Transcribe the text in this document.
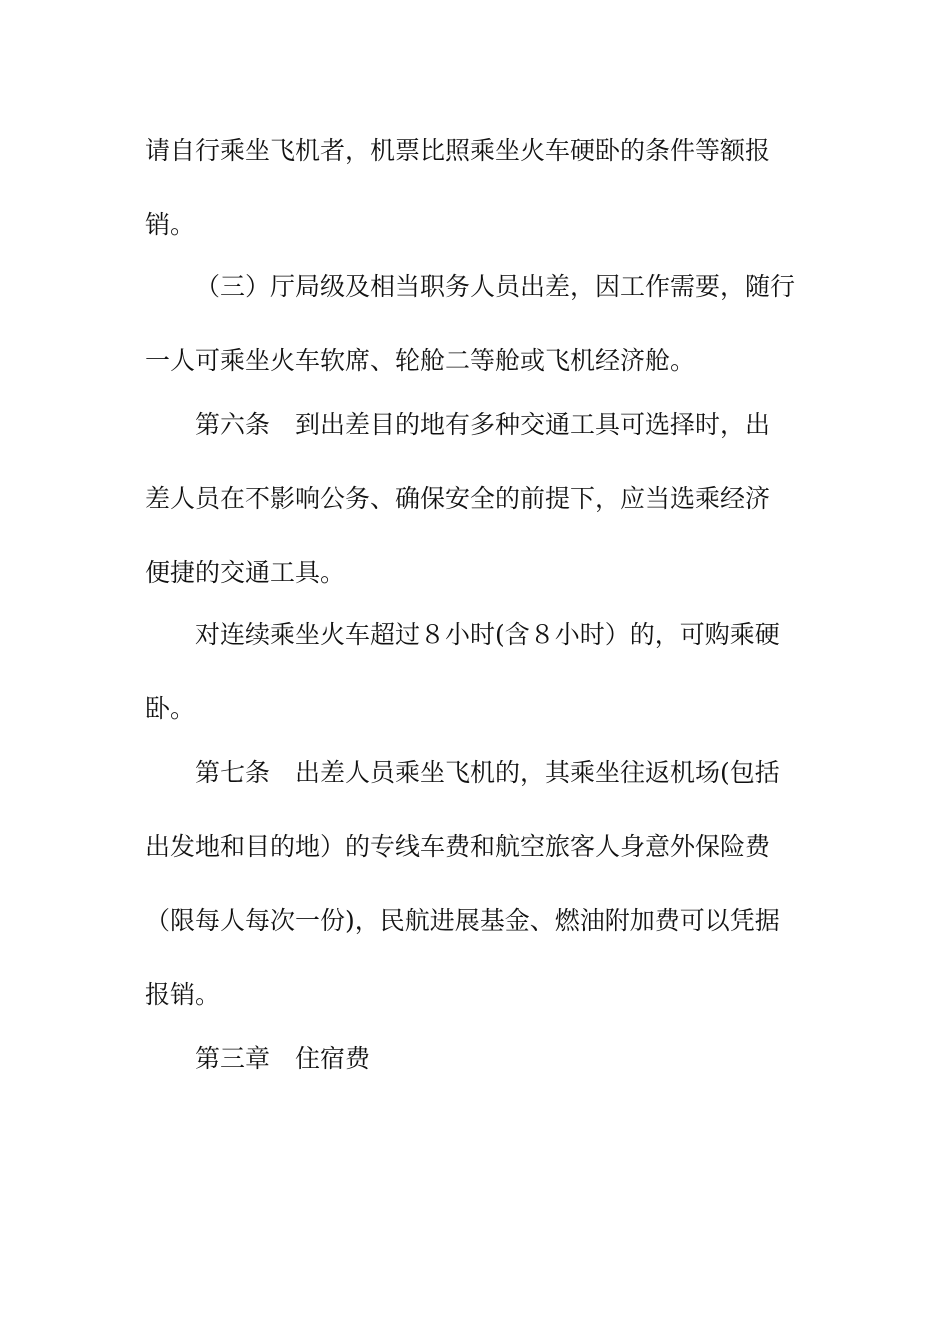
请自行乘坐飞机者，机票比照乘坐火车硬卧的条件等额报
销。
（三）厅局级及相当职务人员出差，因工作需要，随行
一人可乘坐火车软席、轮舱二等舱或飞机经济舱。
第六条　到出差目的地有多种交通工具可选择时，出
差人员在不影响公务、确保安全的前提下，应当选乘经济
便捷的交通工具。
对连续乘坐火车超过８小时(含８小时）的，可购乘硬
卧。
第七条　出差人员乘坐飞机的，其乘坐往返机场(包括
出发地和目的地）的专线车费和航空旅客人身意外保险费
（限每人每次一份)，民航进展基金、燃油附加费可以凭据
报销。
第三章　住宿费
